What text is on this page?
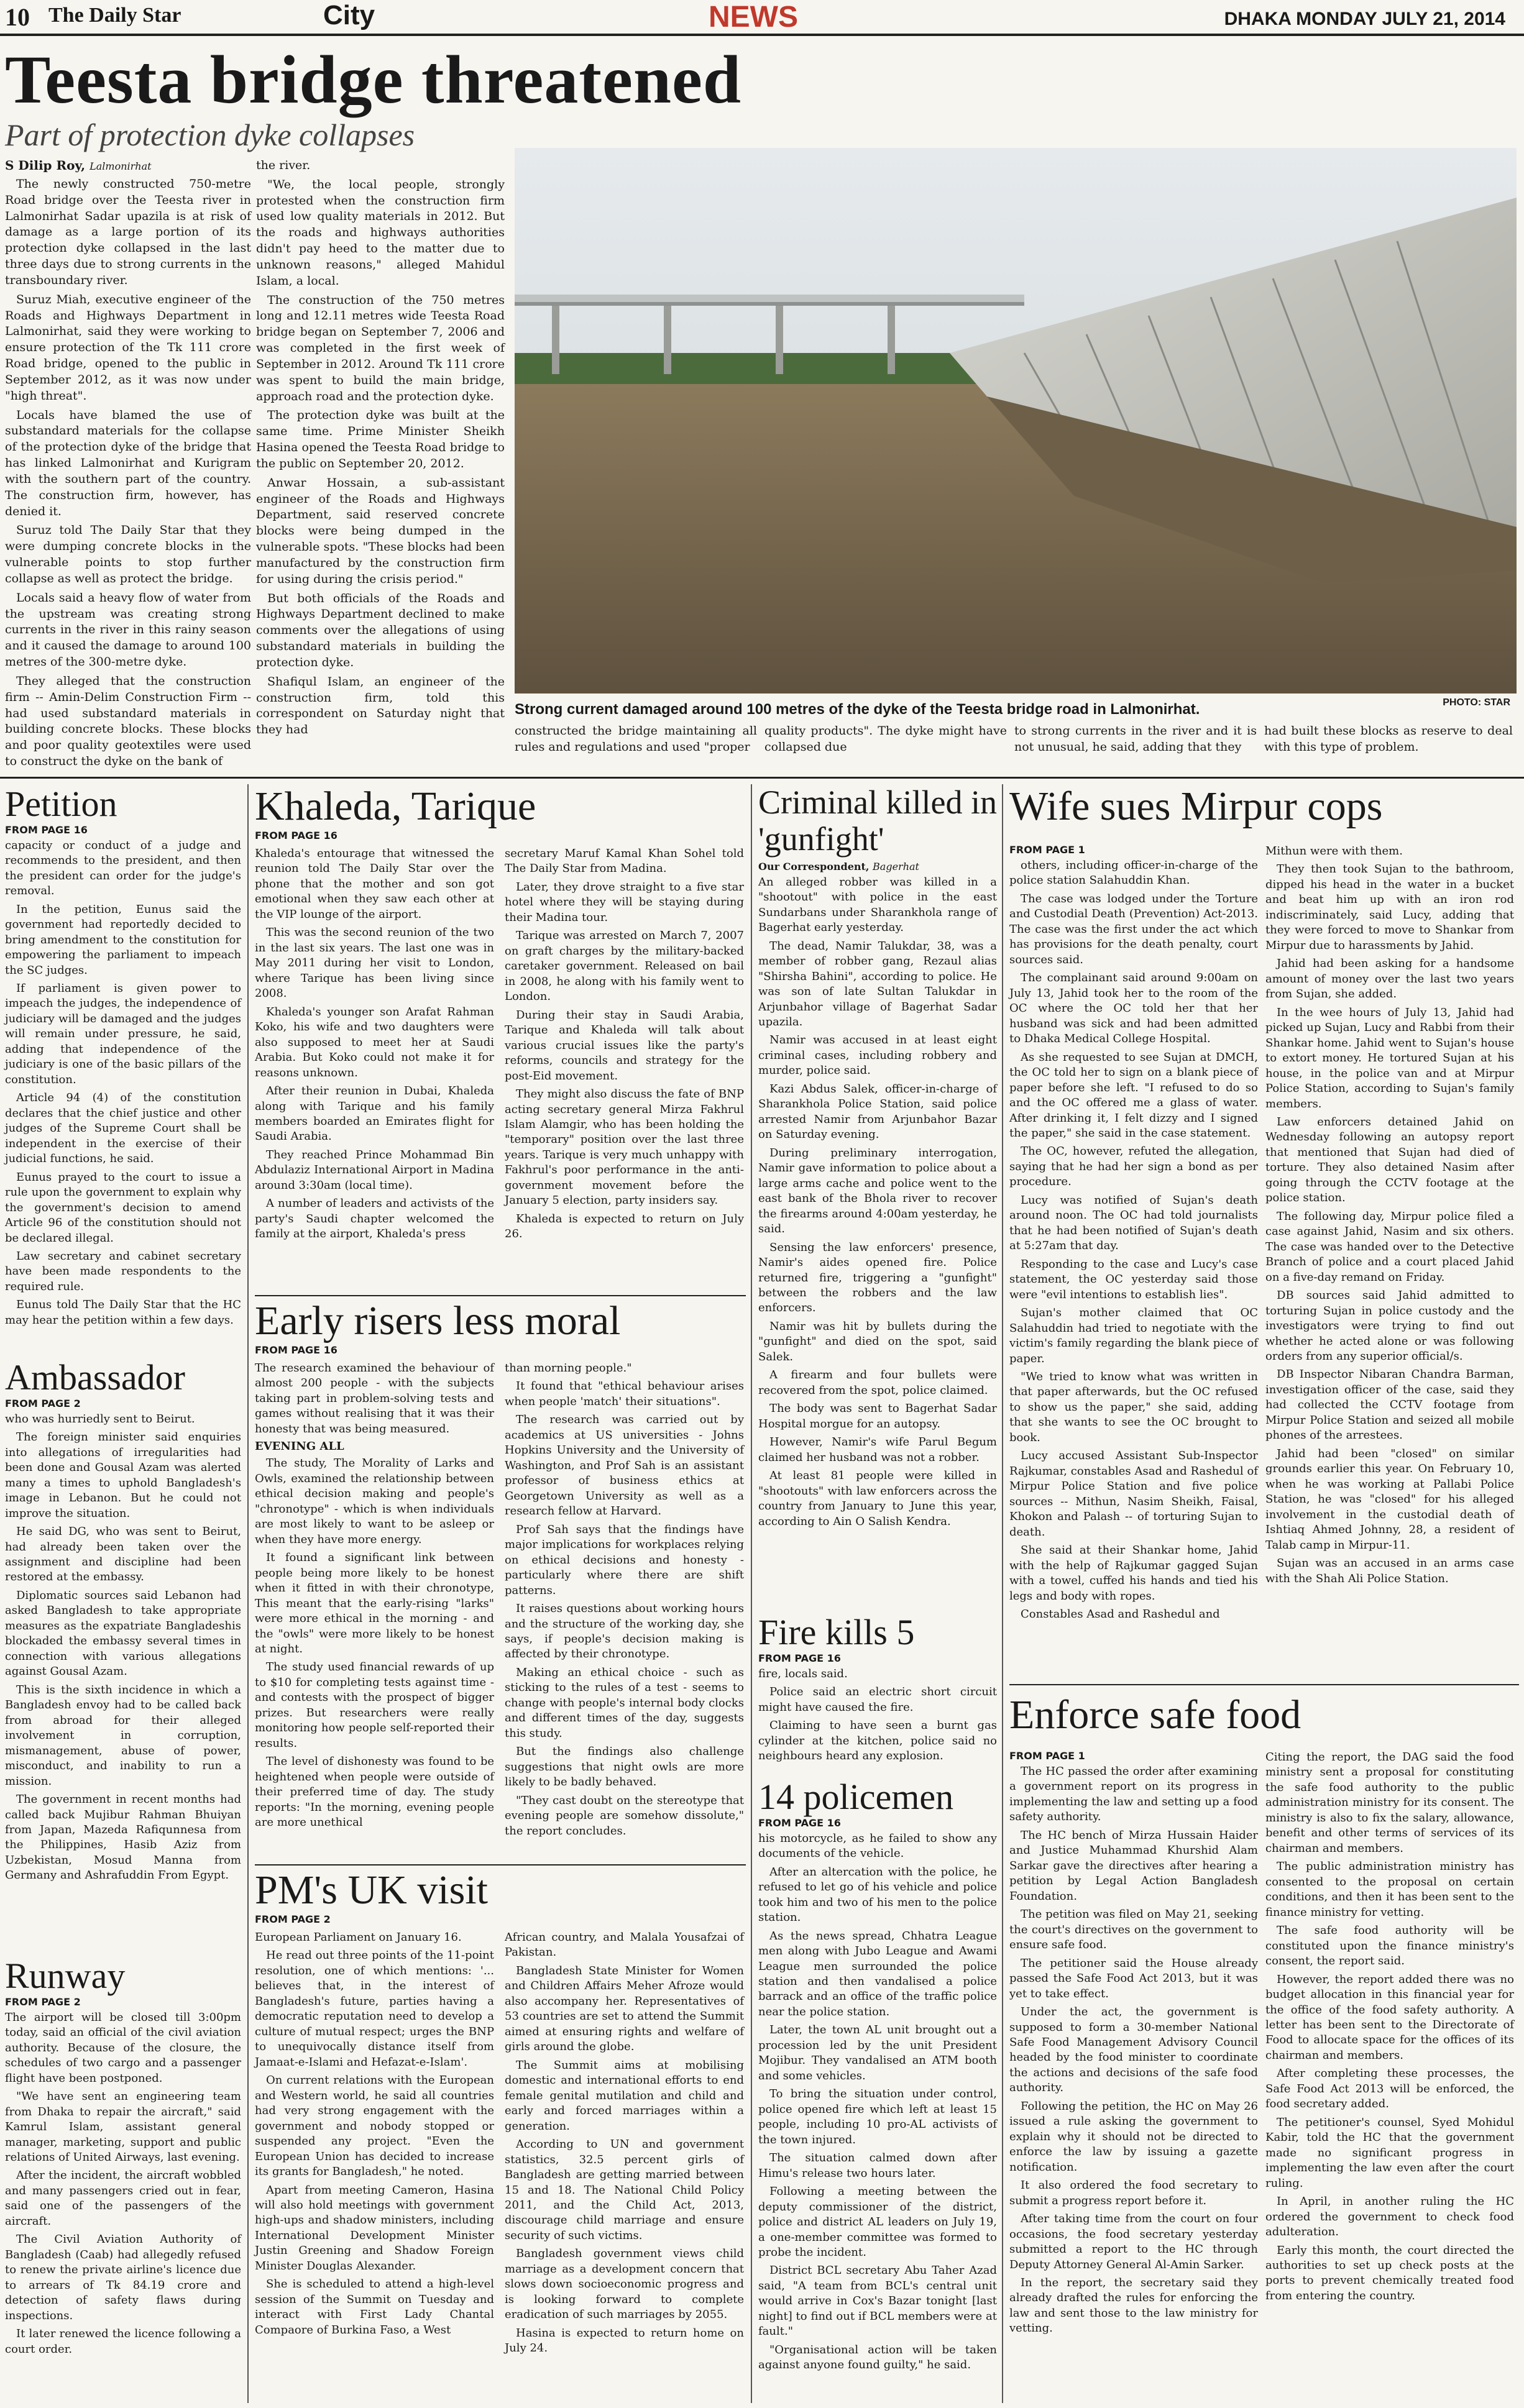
10 The Daily Star	City	NEWS	DHAKA MONDAY JULY 21, 2014
Teesta bridge threatened
Part of protection dyke collapses
S Dilip Roy, Lalmonirhat

The newly constructed 750-metre Road bridge over the Teesta river in Lalmonirhat Sadar upazila is at risk of damage as a large portion of its protection dyke collapsed in the last three days due to strong currents in the transboundary river.

Suruz Miah, executive engineer of the Roads and Highways Department in Lalmonirhat, said they were working to ensure protection of the Tk 111 crore Road bridge, opened to the public in September 2012, as it was now under "high threat".

Locals have blamed the use of substandard materials for the collapse of the protection dyke of the bridge that has linked Lalmonirhat and Kurigram with the southern part of the country. The construction firm, however, has denied it.

Suruz told The Daily Star that they were dumping concrete blocks in the vulnerable points to stop further collapse as well as protect the bridge.

Locals said a heavy flow of water from the upstream was creating strong currents in the river in this rainy season and it caused the damage to around 100 metres of the 300-metre dyke.

They alleged that the construction firm -- Amin-Delim Construction Firm -- had used substandard materials in building concrete blocks. These blocks and poor quality geotextiles were used to construct the dyke on the bank of

the river.

"We, the local people, strongly protested when the construction firm used low quality materials in 2012. But the roads and highways authorities didn't pay heed to the matter due to unknown reasons," alleged Mahidul Islam, a local.

The construction of the 750 metres long and 12.11 metres wide Teesta Road bridge began on September 7, 2006 and was completed in the first week of September in 2012. Around Tk 111 crore was spent to build the main bridge, approach road and the protection dyke.

The protection dyke was built at the same time. Prime Minister Sheikh Hasina opened the Teesta Road bridge to the public on September 20, 2012.

Anwar Hossain, a sub-assistant engineer of the Roads and Highways Department, said reserved concrete blocks were being dumped in the vulnerable spots. "These blocks had been manufactured by the construction firm for using during the crisis period."

But both officials of the Roads and Highways Department declined to make comments over the allegations of using substandard materials in building the protection dyke.

Shafiqul Islam, an engineer of the construction firm, told this correspondent on Saturday night that they had

Strong current damaged around 100 metres of the dyke of the Teesta bridge road in Lalmonirhat.	PHOTO: STAR

constructed the bridge maintaining all rules and regulations and used "proper

quality products". The dyke might have collapsed due

to strong currents in the river and it is not unusual, he said, adding that they

had built these blocks as reserve to deal with this type of problem.

Petition
FROM PAGE 16

capacity or conduct of a judge and recommends to the president, and then the president can order for the judge's removal.

In the petition, Eunus said the government had reportedly decided to bring amendment to the constitution for empowering the parliament to impeach the SC judges.

If parliament is given power to impeach the judges, the independence of judiciary will be damaged and the judges will remain under pressure, he said, adding that independence of the judiciary is one of the basic pillars of the constitution.

Article 94 (4) of the constitution declares that the chief justice and other judges of the Supreme Court shall be independent in the exercise of their judicial functions, he said.

Eunus prayed to the court to issue a rule upon the government to explain why the government's decision to amend Article 96 of the constitution should not be declared illegal.

Law secretary and cabinet secretary have been made respondents to the required rule.

Eunus told The Daily Star that the HC may hear the petition within a few days.

Ambassador
FROM PAGE 2

who was hurriedly sent to Beirut.

The foreign minister said enquiries into allegations of irregularities had been done and Gousal Azam was alerted many a times to uphold Bangladesh's image in Lebanon. But he could not improve the situation.

He said DG, who was sent to Beirut, had already been taken over the assignment and discipline had been restored at the embassy.

Diplomatic sources said Lebanon had asked Bangladesh to take appropriate measures as the expatriate Bangladeshis blockaded the embassy several times in connection with various allegations against Gousal Azam.

This is the sixth incidence in which a Bangladesh envoy had to be called back from abroad for their alleged involvement in corruption, mismanagement, abuse of power, misconduct, and inability to run a mission.

The government in recent months had called back Mujibur Rahman Bhuiyan from Japan, Mazeda Rafiqunnesa from the Philippines, Hasib Aziz from Uzbekistan, Mosud Manna from Germany and Ashrafuddin From Egypt.

Runway
FROM PAGE 2

The airport will be closed till 3:00pm today, said an official of the civil aviation authority. Because of the closure, the schedules of two cargo and a passenger flight have been postponed.

"We have sent an engineering team from Dhaka to repair the aircraft," said Kamrul Islam, assistant general manager, marketing, support and public relations of United Airways, last evening.

After the incident, the aircraft wobbled and many passengers cried out in fear, said one of the passengers of the aircraft.

The Civil Aviation Authority of Bangladesh (Caab) had allegedly refused to renew the private airline's licence due to arrears of Tk 84.19 crore and detection of safety flaws during inspections.

It later renewed the licence following a court order.

Khaleda, Tarique
FROM PAGE 16

Khaleda's entourage that witnessed the reunion told The Daily Star over the phone that the mother and son got emotional when they saw each other at the VIP lounge of the airport.

This was the second reunion of the two in the last six years. The last one was in May 2011 during her visit to London, where Tarique has been living since 2008.

Khaleda's younger son Arafat Rahman Koko, his wife and two daughters were also supposed to meet her at Saudi Arabia. But Koko could not make it for reasons unknown.

After their reunion in Dubai, Khaleda along with Tarique and his family members boarded an Emirates flight for Saudi Arabia.

They reached Prince Mohammad Bin Abdulaziz International Airport in Madina around 3:30am (local time).

A number of leaders and activists of the party's Saudi chapter welcomed the family at the airport, Khaleda's press

secretary Maruf Kamal Khan Sohel told The Daily Star from Madina.

Later, they drove straight to a five star hotel where they will be staying during their Madina tour.

Tarique was arrested on March 7, 2007 on graft charges by the military-backed caretaker government. Released on bail in 2008, he along with his family went to London.

During their stay in Saudi Arabia, Tarique and Khaleda will talk about various crucial issues like the party's reforms, councils and strategy for the post-Eid movement.

They might also discuss the fate of BNP acting secretary general Mirza Fakhrul Islam Alamgir, who has been holding the "temporary" position over the last three years. Tarique is very much unhappy with Fakhrul's poor performance in the anti-government movement before the January 5 election, party insiders say.

Khaleda is expected to return on July 26.

Early risers less moral
FROM PAGE 16

The research examined the behaviour of almost 200 people - with the subjects taking part in problem-solving tests and games without realising that it was their honesty that was being measured.

EVENING ALL

The study, The Morality of Larks and Owls, examined the relationship between ethical decision making and people's "chronotype" - which is when individuals are most likely to want to be asleep or when they have more energy.

It found a significant link between people being more likely to be honest when it fitted in with their chronotype, This meant that the early-rising "larks" were more ethical in the morning - and the "owls" were more likely to be honest at night.

The study used financial rewards of up to $10 for completing tests against time - and contests with the prospect of bigger prizes. But researchers were really monitoring how people self-reported their results.

The level of dishonesty was found to be heightened when people were outside of their preferred time of day. The study reports: "In the morning, evening people are more unethical

than morning people."

It found that "ethical behaviour arises when people 'match' their situations".

The research was carried out by academics at US universities - Johns Hopkins University and the University of Washington, and Prof Sah is an assistant professor of business ethics at Georgetown University as well as a research fellow at Harvard.

Prof Sah says that the findings have major implications for workplaces relying on ethical decisions and honesty - particularly where there are shift patterns.

It raises questions about working hours and the structure of the working day, she says, if people's decision making is affected by their chronotype.

Making an ethical choice - such as sticking to the rules of a test - seems to change with people's internal body clocks and different times of the day, suggests this study.

But the findings also challenge suggestions that night owls are more likely to be badly behaved.

"They cast doubt on the stereotype that evening people are somehow dissolute," the report concludes.

PM's UK visit
FROM PAGE 2

European Parliament on January 16.

He read out three points of the 11-point resolution, one of which mentions: '... believes that, in the interest of Bangladesh's future, parties having a democratic reputation need to develop a culture of mutual respect; urges the BNP to unequivocally distance itself from Jamaat-e-Islami and Hefazat-e-Islam'.

On current relations with the European and Western world, he said all countries had very strong engagement with the government and nobody stopped or suspended any project. "Even the European Union has decided to increase its grants for Bangladesh," he noted.

Apart from meeting Cameron, Hasina will also hold meetings with government high-ups and shadow ministers, including International Development Minister Justin Greening and Shadow Foreign Minister Douglas Alexander.

She is scheduled to attend a high-level session of the Summit on Tuesday and interact with First Lady Chantal Compaore of Burkina Faso, a West

African country, and Malala Yousafzai of Pakistan.

Bangladesh State Minister for Women and Children Affairs Meher Afroze would also accompany her. Representatives of 53 countries are set to attend the Summit aimed at ensuring rights and welfare of girls around the globe.

The Summit aims at mobilising domestic and international efforts to end female genital mutilation and child and early and forced marriages within a generation.

According to UN and government statistics, 32.5 percent girls of Bangladesh are getting married between 15 and 18. The National Child Policy 2011, and the Child Act, 2013, discourage child marriage and ensure security of such victims.

Bangladesh government views child marriage as a development concern that slows down socioeconomic progress and is looking forward to complete eradication of such marriages by 2055.

Hasina is expected to return home on July 24.

Criminal killed in 'gunfight'
Our Correspondent, Bagerhat

An alleged robber was killed in a "shootout" with police in the east Sundarbans under Sharankhola range of Bagerhat early yesterday.

The dead, Namir Talukdar, 38, was a member of robber gang, Rezaul alias "Shirsha Bahini", according to police. He was son of late Sultan Talukdar in Arjunbahor village of Bagerhat Sadar upazila.

Namir was accused in at least eight criminal cases, including robbery and murder, police said.

Kazi Abdus Salek, officer-in-charge of Sharankhola Police Station, said police arrested Namir from Arjunbahor Bazar on Saturday evening.

During preliminary interrogation, Namir gave information to police about a large arms cache and police went to the east bank of the Bhola river to recover the firearms around 4:00am yesterday, he said.

Sensing the law enforcers' presence, Namir's aides opened fire. Police returned fire, triggering a "gunfight" between the robbers and the law enforcers.

Namir was hit by bullets during the "gunfight" and died on the spot, said Salek.

A firearm and four bullets were recovered from the spot, police claimed.

The body was sent to Bagerhat Sadar Hospital morgue for an autopsy.

However, Namir's wife Parul Begum claimed her husband was not a robber.

At least 81 people were killed in "shootouts" with law enforcers across the country from January to June this year, according to Ain O Salish Kendra.

Fire kills 5
FROM PAGE 16

fire, locals said.

Police said an electric short circuit might have caused the fire.

Claiming to have seen a burnt gas cylinder at the kitchen, police said no neighbours heard any explosion.

14 policemen
FROM PAGE 16

his motorcycle, as he failed to show any documents of the vehicle.

After an altercation with the police, he refused to let go of his vehicle and police took him and two of his men to the police station.

As the news spread, Chhatra League men along with Jubo League and Awami League men surrounded the police station and then vandalised a police barrack and an office of the traffic police near the police station.

Later, the town AL unit brought out a procession led by the unit President Mojibur. They vandalised an ATM booth and some vehicles.

To bring the situation under control, police opened fire which left at least 15 people, including 10 pro-AL activists of the town injured.

The situation calmed down after Himu's release two hours later.

Following a meeting between the deputy commissioner of the district, police and district AL leaders on July 19, a one-member committee was formed to probe the incident.

District BCL secretary Abu Taher Azad said, "A team from BCL's central unit would arrive in Cox's Bazar tonight [last night] to find out if BCL members were at fault."

"Organisational action will be taken against anyone found guilty," he said.

Wife sues Mirpur cops
FROM PAGE 1

others, including officer-in-charge of the police station Salahuddin Khan.

The case was lodged under the Torture and Custodial Death (Prevention) Act-2013. The case was the first under the act which has provisions for the death penalty, court sources said.

The complainant said around 9:00am on July 13, Jahid took her to the room of the OC where the OC told her that her husband was sick and had been admitted to Dhaka Medical College Hospital.

As she requested to see Sujan at DMCH, the OC told her to sign on a blank piece of paper before she left. "I refused to do so and the OC offered me a glass of water. After drinking it, I felt dizzy and I signed the paper," she said in the case statement.

The OC, however, refuted the allegation, saying that he had her sign a bond as per procedure.

Lucy was notified of Sujan's death around noon. The OC had told journalists that he had been notified of Sujan's death at 5:27am that day.

Responding to the case and Lucy's case statement, the OC yesterday said those were "evil intentions to establish lies".

Sujan's mother claimed that OC Salahuddin had tried to negotiate with the victim's family regarding the blank piece of paper.

"We tried to know what was written in that paper afterwards, but the OC refused to show us the paper," she said, adding that she wants to see the OC brought to book.

Lucy accused Assistant Sub-Inspector Rajkumar, constables Asad and Rashedul of Mirpur Police Station and five police sources -- Mithun, Nasim Sheikh, Faisal, Khokon and Palash -- of torturing Sujan to death.

She said at their Shankar home, Jahid with the help of Rajkumar gagged Sujan with a towel, cuffed his hands and tied his legs and body with ropes.

Constables Asad and Rashedul and

Mithun were with them.

They then took Sujan to the bathroom, dipped his head in the water in a bucket and beat him up with an iron rod indiscriminately, said Lucy, adding that they were forced to move to Shankar from Mirpur due to harassments by Jahid.

Jahid had been asking for a handsome amount of money over the last two years from Sujan, she added.

In the wee hours of July 13, Jahid had picked up Sujan, Lucy and Rabbi from their Shankar home. Jahid went to Sujan's house to extort money. He tortured Sujan at his house, in the police van and at Mirpur Police Station, according to Sujan's family members.

Law enforcers detained Jahid on Wednesday following an autopsy report that mentioned that Sujan had died of torture. They also detained Nasim after going through the CCTV footage at the police station.

The following day, Mirpur police filed a case against Jahid, Nasim and six others. The case was handed over to the Detective Branch of police and a court placed Jahid on a five-day remand on Friday.

DB sources said Jahid admitted to torturing Sujan in police custody and the investigators were trying to find out whether he acted alone or was following orders from any superior official/s.

DB Inspector Nibaran Chandra Barman, investigation officer of the case, said they had collected the CCTV footage from Mirpur Police Station and seized all mobile phones of the arrestees.

Jahid had been "closed" on similar grounds earlier this year. On February 10, when he was working at Pallabi Police Station, he was "closed" for his alleged involvement in the custodial death of Ishtiaq Ahmed Johnny, 28, a resident of Talab camp in Mirpur-11.

Sujan was an accused in an arms case with the Shah Ali Police Station.

Enforce safe food
FROM PAGE 1

The HC passed the order after examining a government report on its progress in implementing the law and setting up a food safety authority.

The HC bench of Mirza Hussain Haider and Justice Muhammad Khurshid Alam Sarkar gave the directives after hearing a petition by Legal Action Bangladesh Foundation.

The petition was filed on May 21, seeking the court's directives on the government to ensure safe food.

The petitioner said the House already passed the Safe Food Act 2013, but it was yet to take effect.

Under the act, the government is supposed to form a 30-member National Safe Food Management Advisory Council headed by the food minister to coordinate the actions and decisions of the safe food authority.

Following the petition, the HC on May 26 issued a rule asking the government to explain why it should not be directed to enforce the law by issuing a gazette notification.

It also ordered the food secretary to submit a progress report before it.

After taking time from the court on four occasions, the food secretary yesterday submitted a report to the HC through Deputy Attorney General Al-Amin Sarker.

In the report, the secretary said they already drafted the rules for enforcing the law and sent those to the law ministry for vetting.

Citing the report, the DAG said the food ministry sent a proposal for constituting the safe food authority to the public administration ministry for its consent. The ministry is also to fix the salary, allowance, benefit and other terms of services of its chairman and members.

The public administration ministry has consented to the proposal on certain conditions, and then it has been sent to the finance ministry for vetting.

The safe food authority will be constituted upon the finance ministry's consent, the report said.

However, the report added there was no budget allocation in this financial year for the office of the food safety authority. A letter has been sent to the Directorate of Food to allocate space for the offices of its chairman and members.

After completing these processes, the Safe Food Act 2013 will be enforced, the food secretary added.

The petitioner's counsel, Syed Mohidul Kabir, told the HC that the government made no significant progress in implementing the law even after the court ruling.

In April, in another ruling the HC ordered the government to check food adulteration.

Early this month, the court directed the authorities to set up check posts at the ports to prevent chemically treated food from entering the country.
